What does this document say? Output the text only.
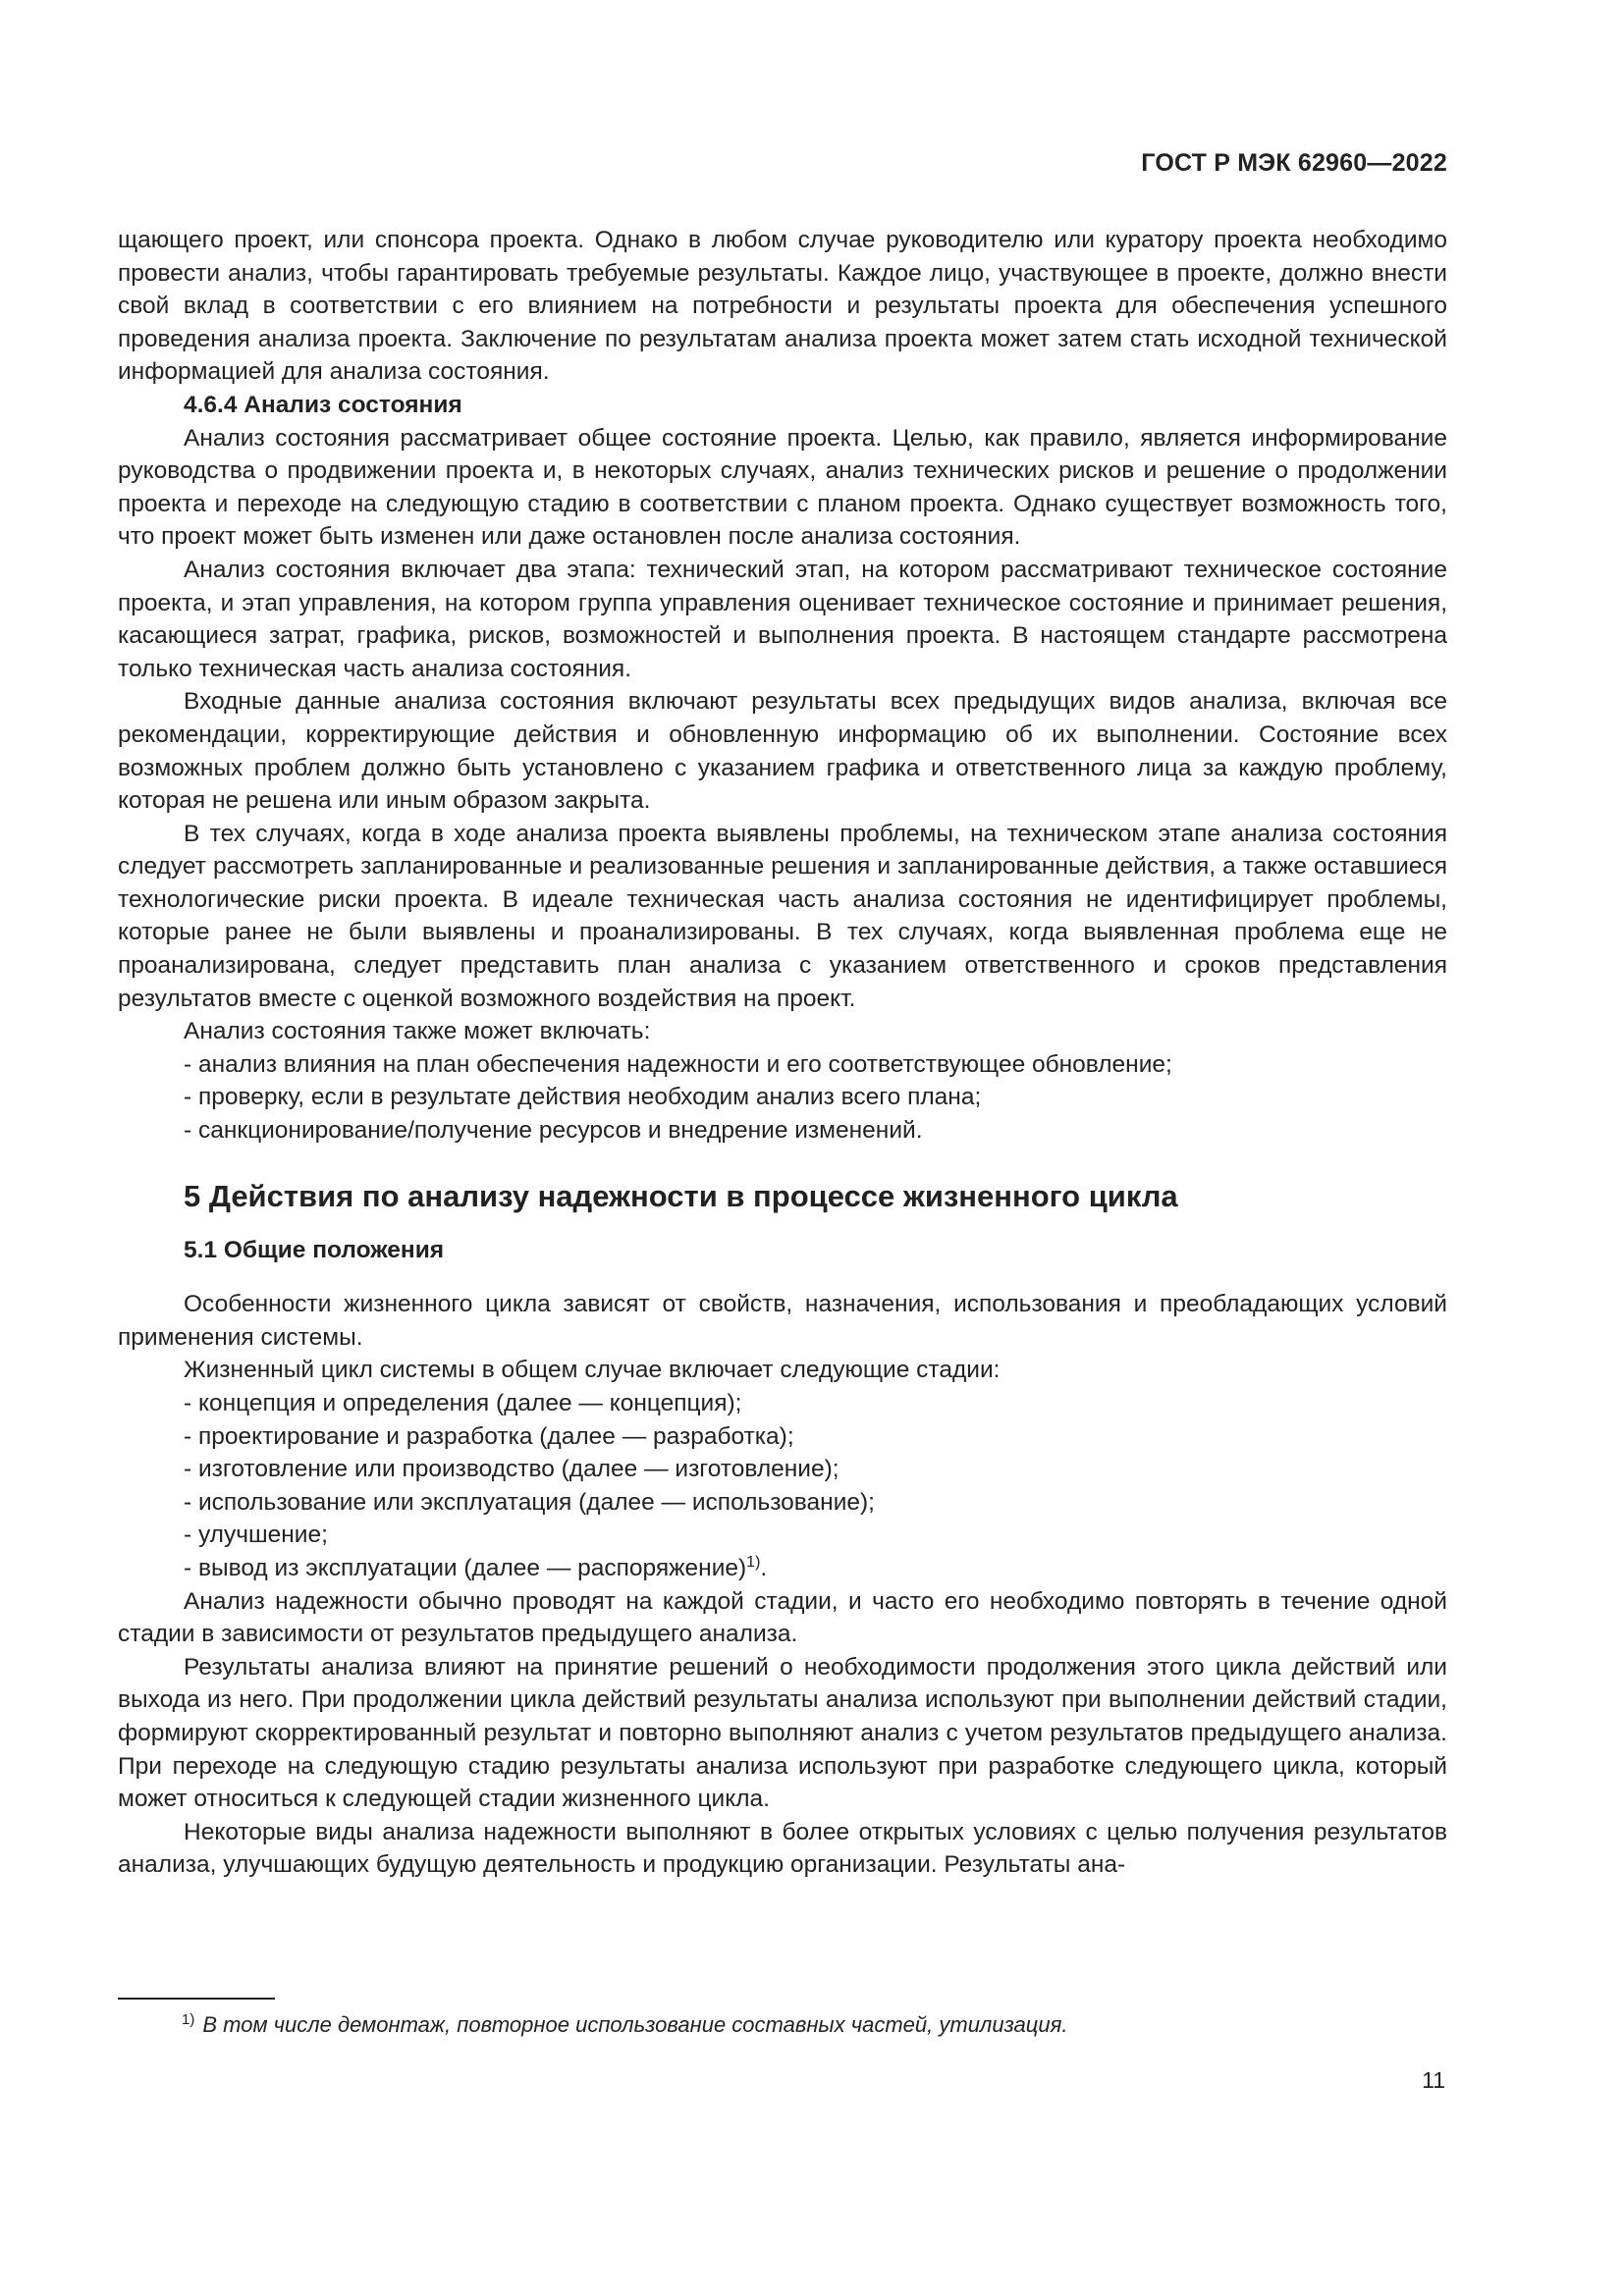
ГОСТ Р МЭК 62960—2022

щающего проект, или спонсора проекта. Однако в любом случае руководителю или куратору проекта необходимо провести анализ, чтобы гарантировать требуемые результаты. Каждое лицо, участвующее в проекте, должно внести свой вклад в соответствии с его влиянием на потребности и результаты проекта для обеспечения успешного проведения анализа проекта. Заключение по результатам анализа проекта может затем стать исходной технической информацией для анализа состояния.

4.6.4 Анализ состояния

Анализ состояния рассматривает общее состояние проекта. Целью, как правило, является информирование руководства о продвижении проекта и, в некоторых случаях, анализ технических рисков и решение о продолжении проекта и переходе на следующую стадию в соответствии с планом проекта. Однако существует возможность того, что проект может быть изменен или даже остановлен после анализа состояния.

Анализ состояния включает два этапа: технический этап, на котором рассматривают техническое состояние проекта, и этап управления, на котором группа управления оценивает техническое состояние и принимает решения, касающиеся затрат, графика, рисков, возможностей и выполнения проекта. В настоящем стандарте рассмотрена только техническая часть анализа состояния.

Входные данные анализа состояния включают результаты всех предыдущих видов анализа, включая все рекомендации, корректирующие действия и обновленную информацию об их выполнении. Состояние всех возможных проблем должно быть установлено с указанием графика и ответственного лица за каждую проблему, которая не решена или иным образом закрыта.

В тех случаях, когда в ходе анализа проекта выявлены проблемы, на техническом этапе анализа состояния следует рассмотреть запланированные и реализованные решения и запланированные действия, а также оставшиеся технологические риски проекта. В идеале техническая часть анализа состояния не идентифицирует проблемы, которые ранее не были выявлены и проанализированы. В тех случаях, когда выявленная проблема еще не проанализирована, следует представить план анализа с указанием ответственного и сроков представления результатов вместе с оценкой возможного воздействия на проект.

Анализ состояния также может включать:

- анализ влияния на план обеспечения надежности и его соответствующее обновление;
- проверку, если в результате действия необходим анализ всего плана;
- санкционирование/получение ресурсов и внедрение изменений.
5 Действия по анализу надежности в процессе жизненного цикла
5.1 Общие положения

Особенности жизненного цикла зависят от свойств, назначения, использования и преобладающих условий применения системы.

Жизненный цикл системы в общем случае включает следующие стадии:

- концепция и определения (далее — концепция);
- проектирование и разработка (далее — разработка);
- изготовление или производство (далее — изготовление);
- использование или эксплуатация (далее — использование);
- улучшение;
- вывод из эксплуатации (далее — распоряжение)$^{1)}$.

Анализ надежности обычно проводят на каждой стадии, и часто его необходимо повторять в течение одной стадии в зависимости от результатов предыдущего анализа.

Результаты анализа влияют на принятие решений о необходимости продолжения этого цикла действий или выхода из него. При продолжении цикла действий результаты анализа используют при выполнении действий стадии, формируют скорректированный результат и повторно выполняют анализ с учетом результатов предыдущего анализа. При переходе на следующую стадию результаты анализа используют при разработке следующего цикла, который может относиться к следующей стадии жизненного цикла.

Некоторые виды анализа надежности выполняют в более открытых условиях с целью получения результатов анализа, улучшающих будущую деятельность и продукцию организации. Результаты ана-

$^{1)}$ В том числе демонтаж, повторное использование составных частей, утилизация.
11
